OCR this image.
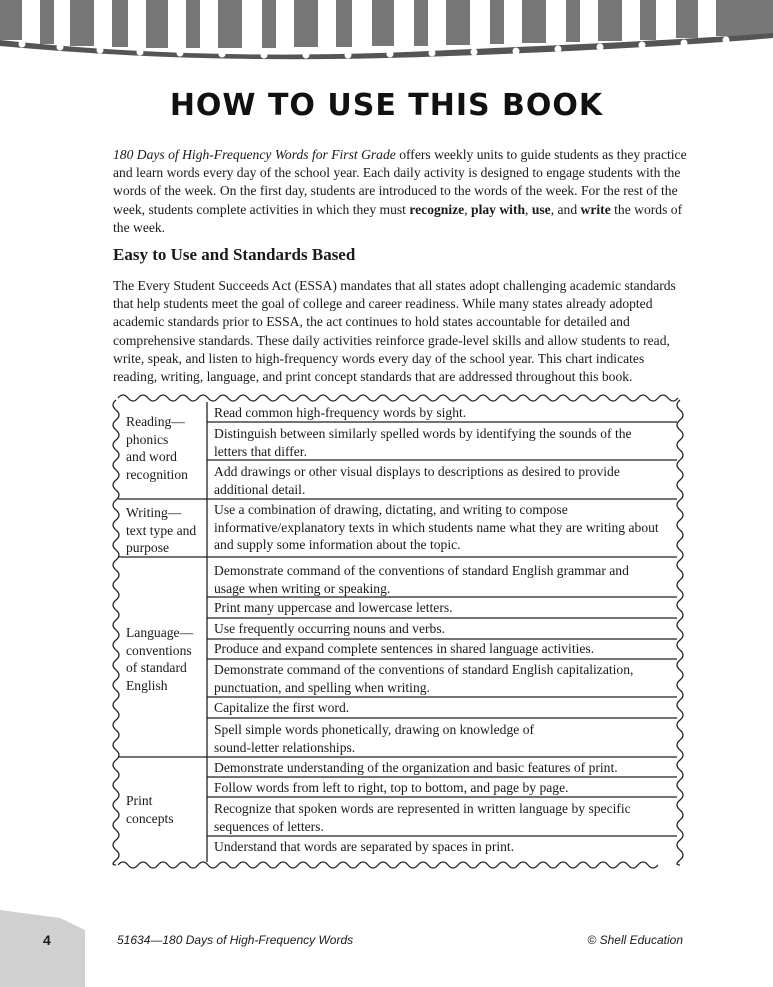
HOW TO USE THIS BOOK
180 Days of High-Frequency Words for First Grade offers weekly units to guide students as they practice and learn words every day of the school year. Each daily activity is designed to engage students with the words of the week. On the first day, students are introduced to the words of the week. For the rest of the week, students complete activities in which they must recognize, play with, use, and write the words of the week.
Easy to Use and Standards Based
The Every Student Succeeds Act (ESSA) mandates that all states adopt challenging academic standards that help students meet the goal of college and career readiness. While many states already adopted academic standards prior to ESSA, the act continues to hold states accountable for detailed and comprehensive standards. These daily activities reinforce grade-level skills and allow students to read, write, speak, and listen to high-frequency words every day of the school year. This chart indicates reading, writing, language, and print concept standards that are addressed throughout this book.
Reading—
phonics
and word
recognition
Writing—
text type and
purpose
Language—
conventions
of standard
English
Print
concepts
Read common high-frequency words by sight.
Distinguish between similarly spelled words by identifying the sounds of the letters that differ.
Add drawings or other visual displays to descriptions as desired to provide additional detail.
Use a combination of drawing, dictating, and writing to compose informative/explanatory texts in which students name what they are writing about and supply some information about the topic.
Demonstrate command of the conventions of standard English grammar and usage when writing or speaking.
Print many uppercase and lowercase letters.
Use frequently occurring nouns and verbs.
Produce and expand complete sentences in shared language activities.
Demonstrate command of the conventions of standard English capitalization, punctuation, and spelling when writing.
Capitalize the first word.
Spell simple words phonetically, drawing on knowledge of
sound-letter relationships.
Demonstrate understanding of the organization and basic features of print.
Follow words from left to right, top to bottom, and page by page.
Recognize that spoken words are represented in written language by specific sequences of letters.
Understand that words are separated by spaces in print.
4	51634—180 Days of High-Frequency Words	© Shell Education
